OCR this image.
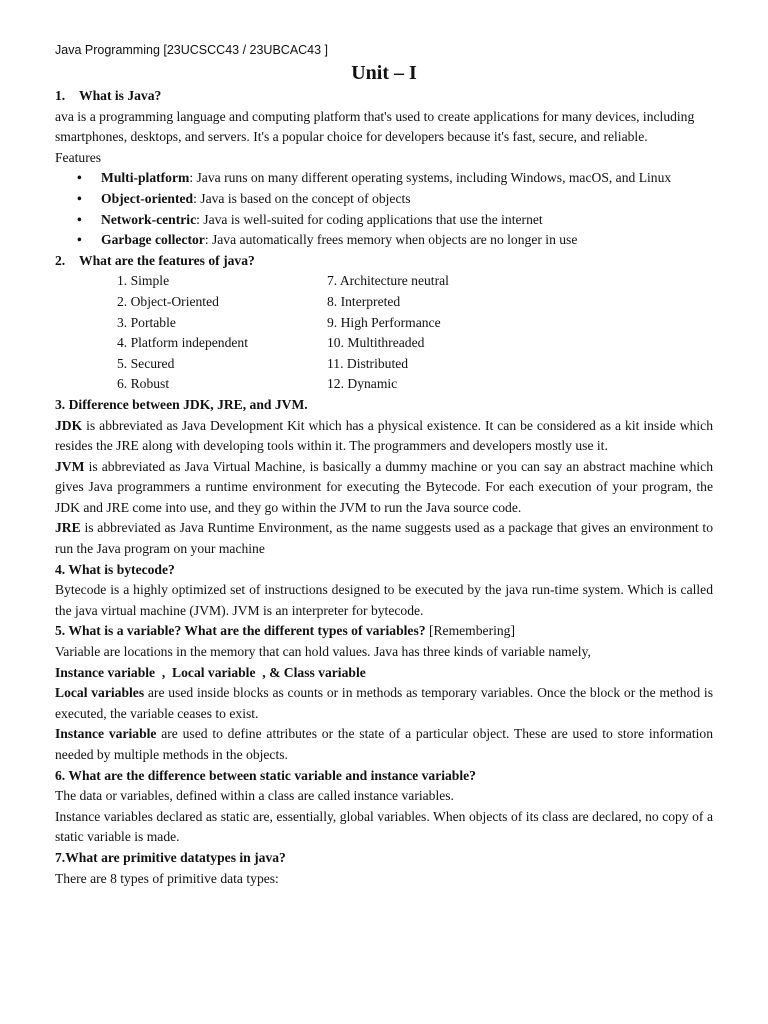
Java Programming [23UCSCC43 / 23UBCAC43 ]
Unit – I

1. What is Java?

ava is a programming language and computing platform that's used to create applications for many devices, including smartphones, desktops, and servers. It's a popular choice for developers because it's fast, secure, and reliable.

Features

• Multi-platform: Java runs on many different operating systems, including Windows, macOS, and Linux
• Object-oriented: Java is based on the concept of objects
• Network-centric: Java is well-suited for coding applications that use the internet
• Garbage collector: Java automatically frees memory when objects are no longer in use

2. What are the features of java?

1. Simple	7. Architecture neutral
2. Object-Oriented	8. Interpreted
3. Portable	9. High Performance
4. Platform independent	10. Multithreaded
5. Secured	11. Distributed
6. Robust	12. Dynamic

3. Difference between JDK, JRE, and JVM.

JDK is abbreviated as Java Development Kit which has a physical existence. It can be considered as a kit inside which resides the JRE along with developing tools within it. The programmers and developers mostly use it.

JVM is abbreviated as Java Virtual Machine, is basically a dummy machine or you can say an abstract machine which gives Java programmers a runtime environment for executing the Bytecode. For each execution of your program, the JDK and JRE come into use, and they go within the JVM to run the Java source code.

JRE is abbreviated as Java Runtime Environment, as the name suggests used as a package that gives an environment to run the Java program on your machine

4. What is bytecode?

Bytecode is a highly optimized set of instructions designed to be executed by the java run-time system. Which is called the java virtual machine (JVM). JVM is an interpreter for bytecode.

5. What is a variable? What are the different types of variables? [Remembering]

Variable are locations in the memory that can hold values. Java has three kinds of variable namely,

Instance variable  ,  Local variable  , & Class variable

Local variables are used inside blocks as counts or in methods as temporary variables. Once the block or the method is executed, the variable ceases to exist.

Instance variable are used to define attributes or the state of a particular object. These are used to store information needed by multiple methods in the objects.

6. What are the difference between static variable and instance variable?

The data or variables, defined within a class are called instance variables.

Instance variables declared as static are, essentially, global variables. When objects of its class are declared, no copy of a static variable is made.

7.What are primitive datatypes in java?

There are 8 types of primitive data types:
